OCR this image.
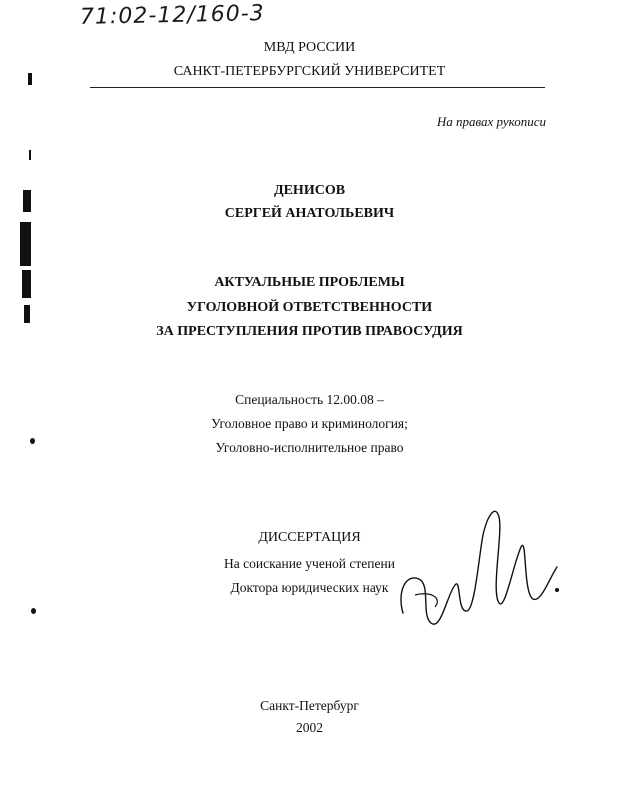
71:02-12/160-3
МВД РОССИИ
САНКТ-ПЕТЕРБУРГСКИЙ УНИВЕРСИТЕТ
На правах рукописи
ДЕНИСОВ
СЕРГЕЙ АНАТОЛЬЕВИЧ
АКТУАЛЬНЫЕ ПРОБЛЕМЫ
УГОЛОВНОЙ ОТВЕТСТВЕННОСТИ
ЗА ПРЕСТУПЛЕНИЯ ПРОТИВ ПРАВОСУДИЯ
Специальность 12.00.08 –
Уголовное право и криминология;
Уголовно-исполнительное право
ДИССЕРТАЦИЯ
На соискание ученой степени
Доктора юридических наук
Санкт-Петербург
2002
